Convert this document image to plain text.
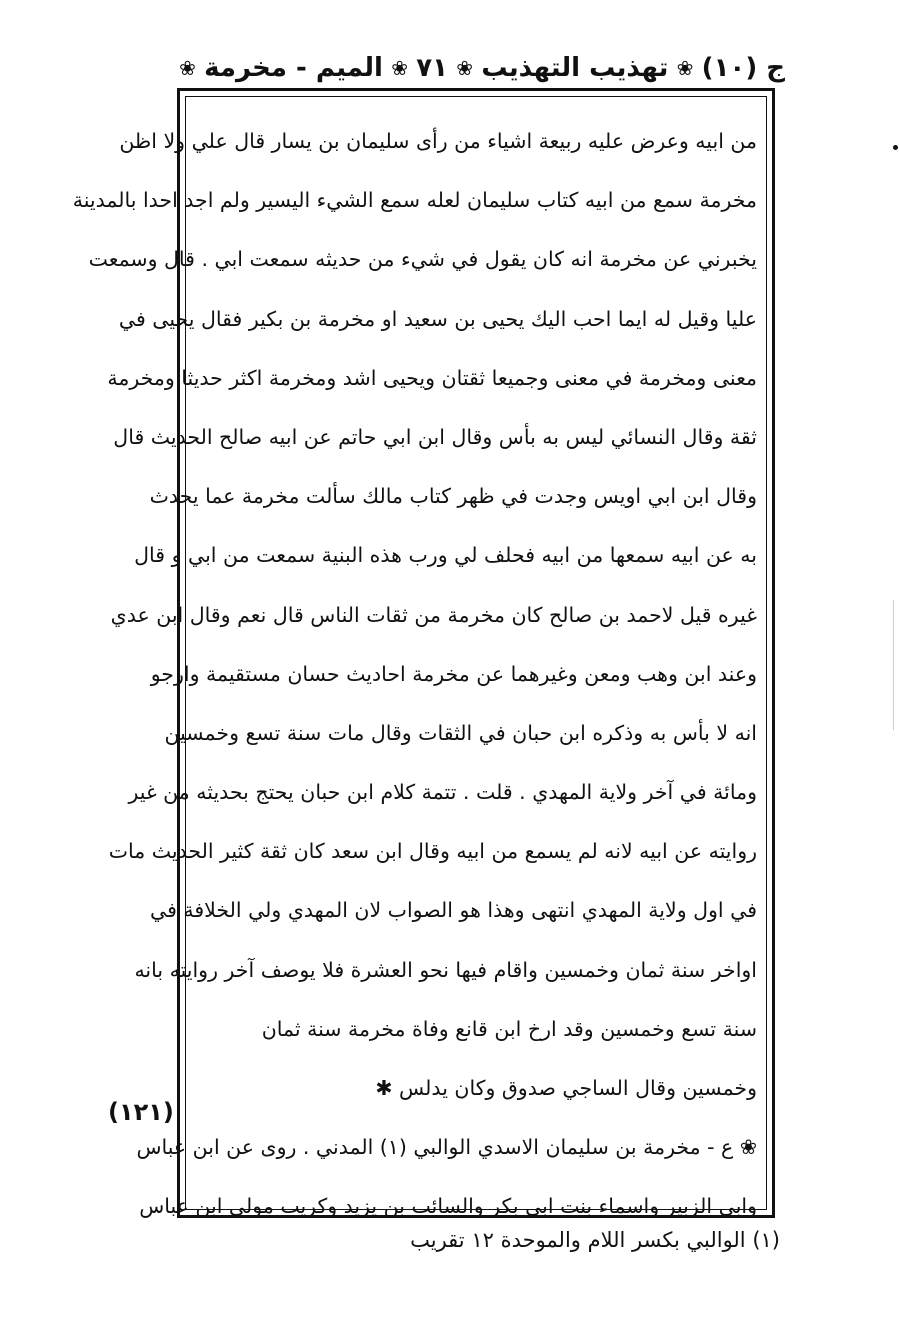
ج (١٠)
❀
تهذيب التهذيب
❀
٧١
❀
الميم - مخرمة
❀
من ابيه وعرض عليه ربيعة اشياء من رأى سليمان بن يسار قال علي ولا اظن
مخرمة سمع من ابيه كتاب سليمان لعله سمع الشيء اليسير ولم اجد احدا بالمدينة
يخبرني عن مخرمة انه كان يقول في شيء من حديثه سمعت ابي . قال وسمعت
عليا وقيل له ايما احب اليك يحيى بن سعيد او مخرمة بن بكير فقال يحيى في
معنى ومخرمة في معنى وجميعا ثقتان ويحيى اشد ومخرمة اكثر حديثا ومخرمة
ثقة وقال النسائي ليس به بأس وقال ابن ابي حاتم عن ابيه صالح الحديث قال
وقال ابن ابي اويس وجدت في ظهر كتاب مالك سألت مخرمة عما يحدث
به عن ابيه سمعها من ابيه فحلف لي ورب هذه البنية سمعت من ابي و قال
غيره قيل لاحمد بن صالح كان مخرمة من ثقات الناس قال نعم وقال ابن عدي
وعند ابن وهب ومعن وغيرهما عن مخرمة احاديث حسان مستقيمة وارجو
انه لا بأس به وذكره ابن حبان في الثقات وقال مات سنة تسع وخمسين
ومائة في آخر ولاية المهدي . قلت . تتمة كلام ابن حبان يحتج بحديثه من غير
روايته عن ابيه لانه لم يسمع من ابيه وقال ابن سعد كان ثقة كثير الحديث مات
في اول ولاية المهدي انتهى وهذا هو الصواب لان المهدي ولي الخلافة في
اواخر سنة ثمان وخمسين واقام فيها نحو العشرة فلا يوصف آخر روايته بانه
سنة تسع وخمسين وقد ارخ ابن قانع وفاة مخرمة سنة ثمان
وخمسين وقال الساجي صدوق وكان يدلس ✱
❀ ع - مخرمة بن سليمان الاسدي الوالبي (١) المدني . روى عن ابن عباس
وابي الزبير واسماء بنت ابي بكر والسائب بن يزيد وكريب مولى ابن عباس
(١٢١)
(١) الوالبي بكسر اللام والموحدة ١٢ تقريب
